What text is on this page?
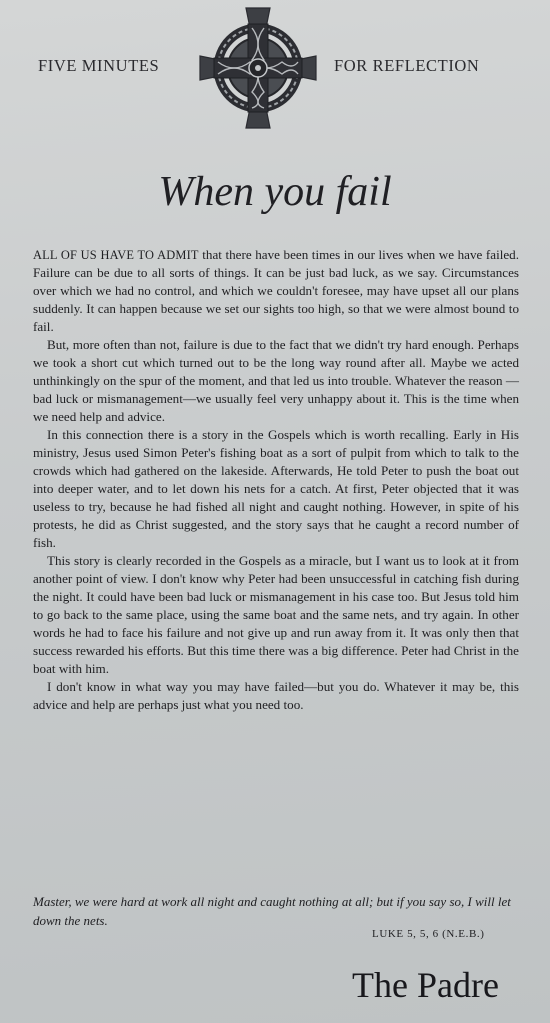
FIVE MINUTES	FOR REFLECTION
When you fail

ALL OF US HAVE TO ADMIT that there have been times in our lives when we have failed. Failure can be due to all sorts of things. It can be just bad luck, as we say. Circumstances over which we had no control, and which we couldn't foresee, may have upset all our plans suddenly. It can happen because we set our sights too high, so that we were almost bound to fail.

But, more often than not, failure is due to the fact that we didn't try hard enough. Perhaps we took a short cut which turned out to be the long way round after all. Maybe we acted unthinkingly on the spur of the moment, and that led us into trouble. Whatever the reason —bad luck or mismanagement—we usually feel very unhappy about it. This is the time when we need help and advice.

In this connection there is a story in the Gospels which is worth recalling. Early in His ministry, Jesus used Simon Peter's fishing boat as a sort of pulpit from which to talk to the crowds which had gathered on the lakeside. Afterwards, He told Peter to push the boat out into deeper water, and to let down his nets for a catch. At first, Peter objected that it was useless to try, because he had fished all night and caught nothing. However, in spite of his protests, he did as Christ suggested, and the story says that he caught a record number of fish.

This story is clearly recorded in the Gospels as a miracle, but I want us to look at it from another point of view. I don't know why Peter had been unsuccessful in catching fish during the night. It could have been bad luck or mismanagement in his case too. But Jesus told him to go back to the same place, using the same boat and the same nets, and try again. In other words he had to face his failure and not give up and run away from it. It was only then that success rewarded his efforts. But this time there was a big difference. Peter had Christ in the boat with him.

I don't know in what way you may have failed—but you do. Whatever it may be, this advice and help are perhaps just what you need too.

Master, we were hard at work all night and caught nothing at all; but if you say so, I will let down the nets.
LUKE 5, 5, 6 (N.E.B.)
The Padre
